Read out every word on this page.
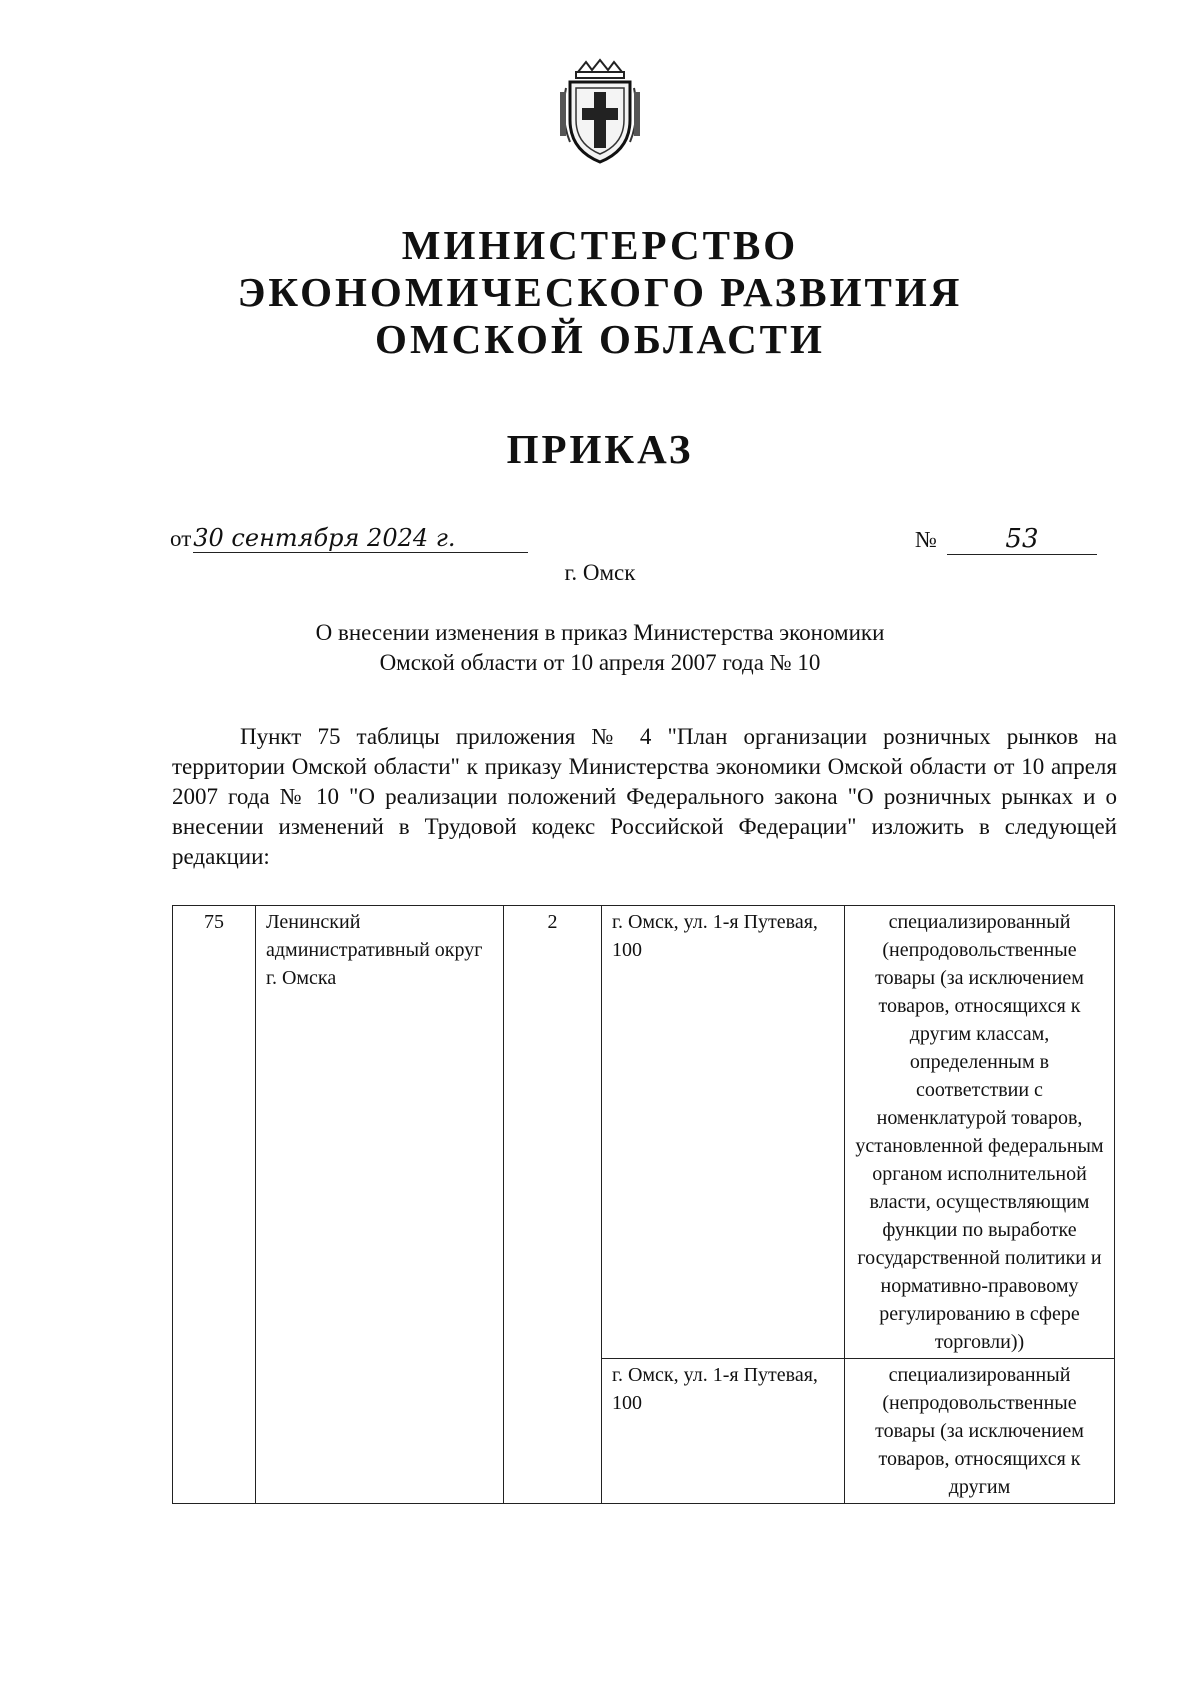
МИНИСТЕРСТВО
ЭКОНОМИЧЕСКОГО РАЗВИТИЯ
ОМСКОЙ ОБЛАСТИ
ПРИКАЗ
от30 сентября 2024 г.	№	53
г. Омск
О внесении изменения в приказ Министерства экономики
Омской области от 10 апреля 2007 года № 10
Пункт 75 таблицы приложения № 4 "План организации розничных рынков на территории Омской области" к приказу Министерства экономики Омской области от 10 апреля 2007 года № 10 "О реализации положений Федерального закона "О розничных рынках и о внесении изменений в Трудовой кодекс Российской Федерации" изложить в следующей редакции:
75	Ленинский административный округ г. Омска	2	г. Омск, ул. 1-я Путевая, 100	специализированный (непродовольственные товары (за исключением товаров, относящихся к другим классам, определенным в соответствии с номенклатурой товаров, установленной федеральным органом исполнительной власти, осуществляющим функции по выработке государственной политики и нормативно-правовому регулированию в сфере торговли))
			г. Омск, ул. 1-я Путевая, 100	специализированный (непродовольственные товары (за исключением товаров, относящихся к другим
